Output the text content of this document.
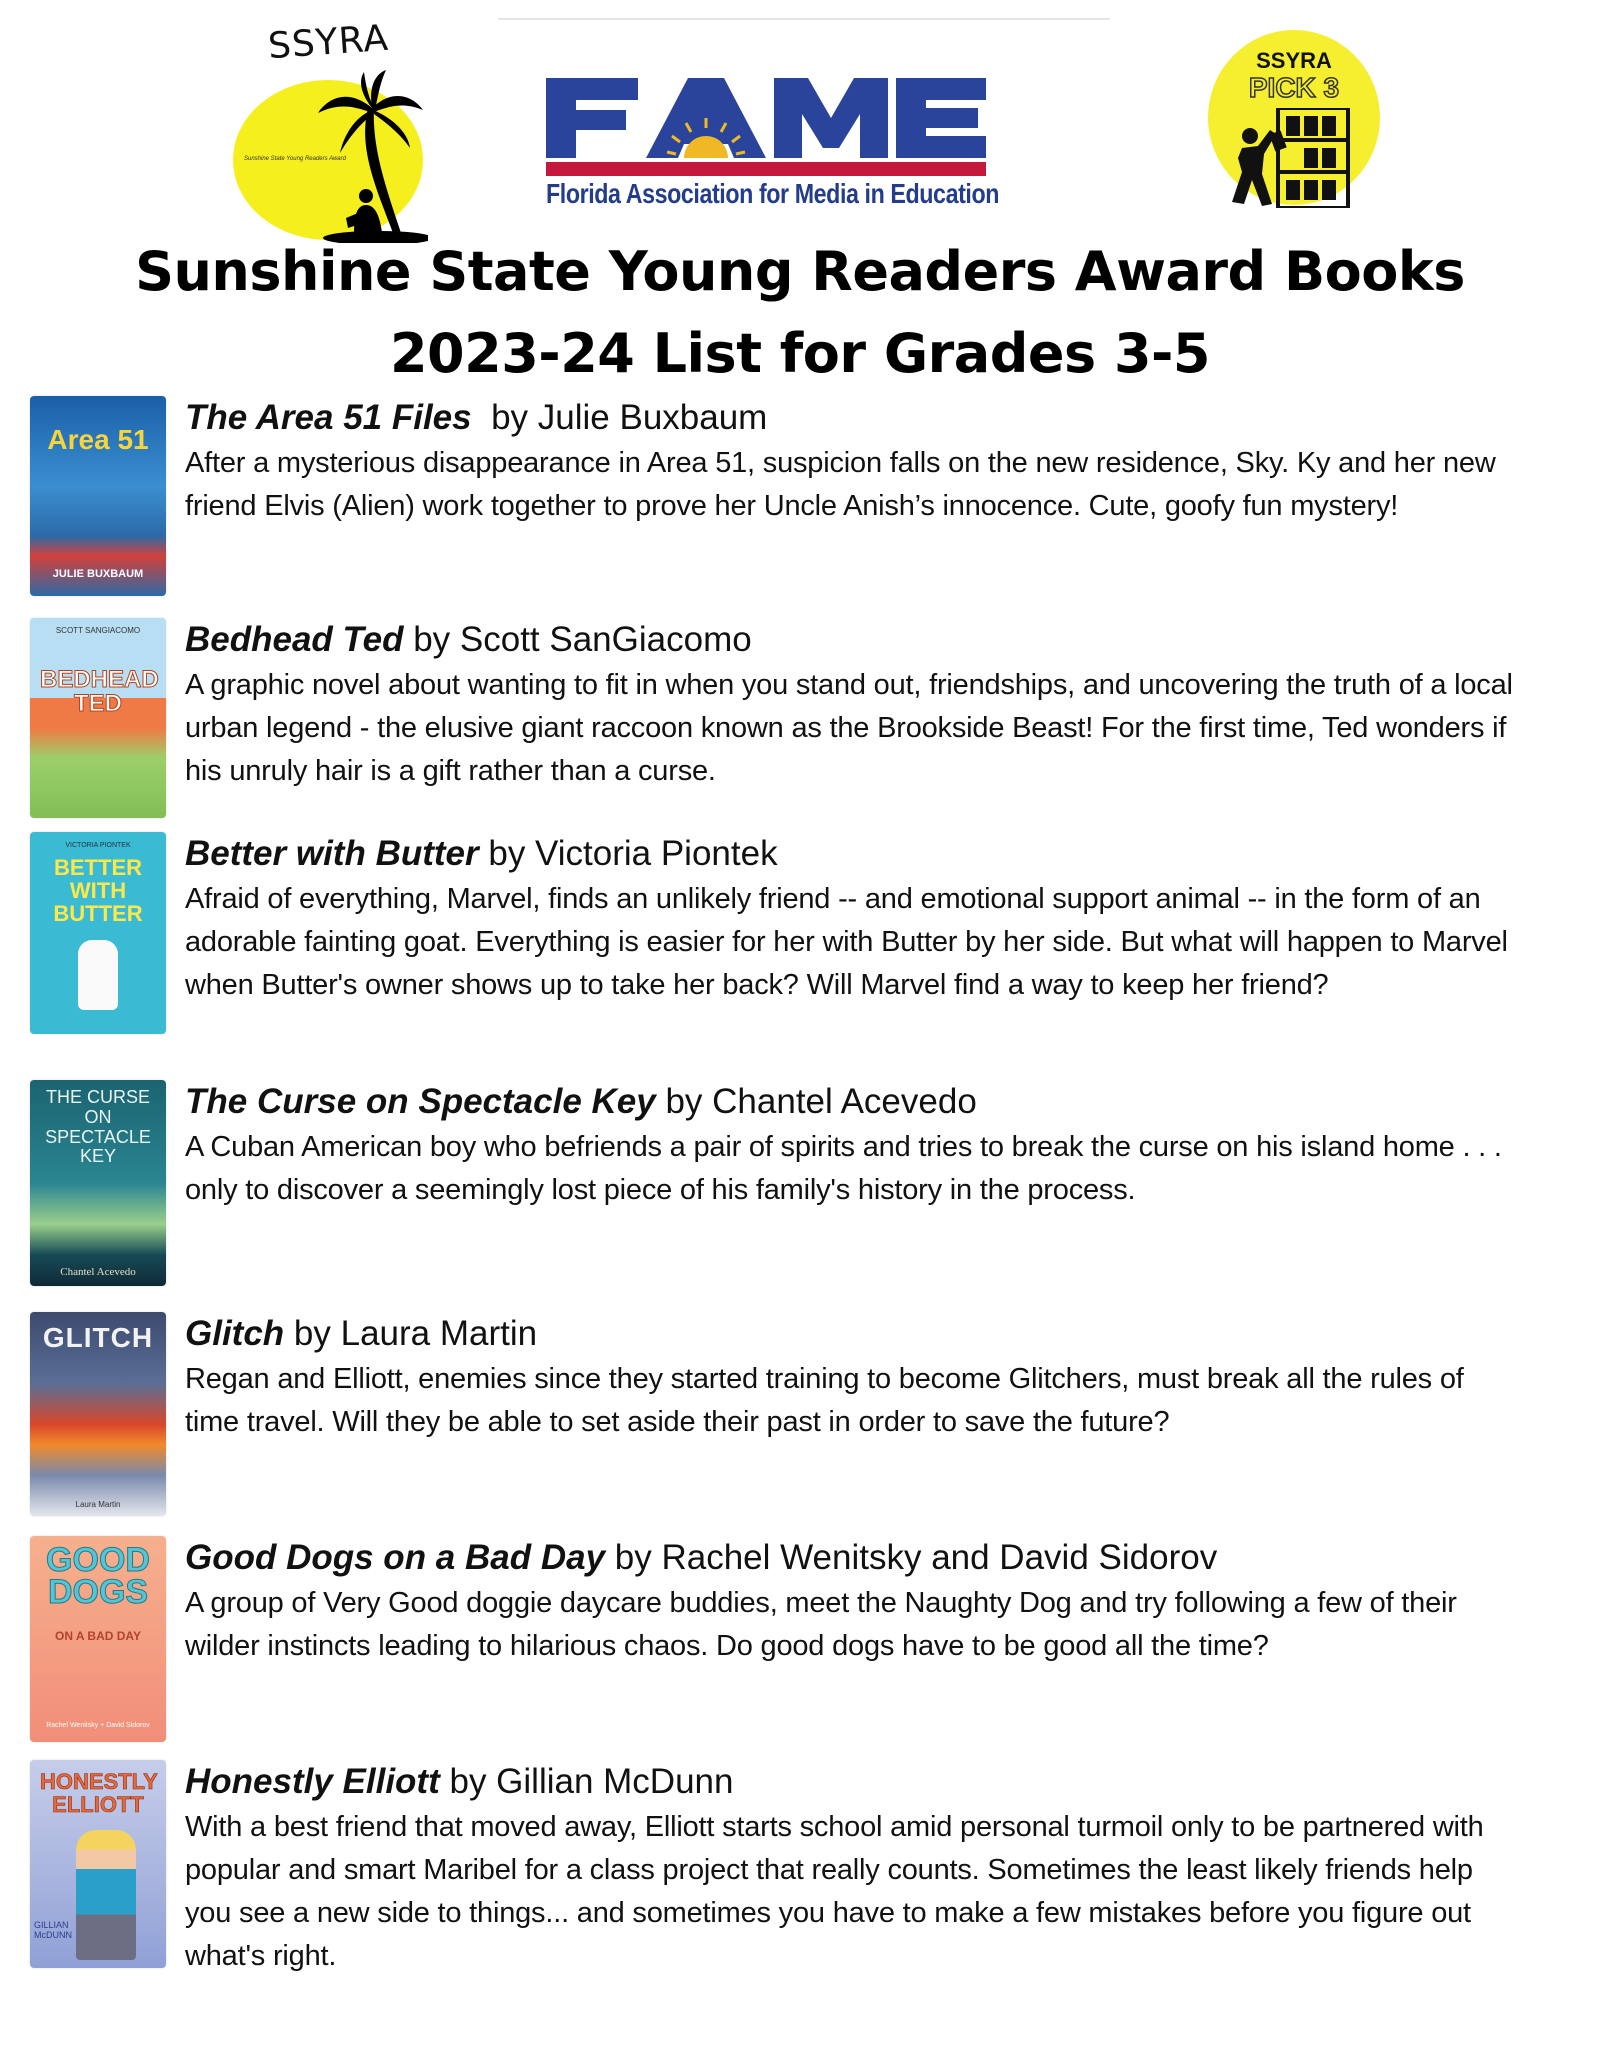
SSYRA
Sunshine State Young Readers Award
Florida Association for Media in Education
SSYRA
PICK 3
Sunshine State Young Readers Award Books
2023-24 List for Grades 3-5
Area 51
JULIE BUXBAUM
The Area 51 Files  by Julie Buxbaum
After a mysterious disappearance in Area 51, suspicion falls on the new residence, Sky. Ky and her new friend Elvis (Alien) work together to prove her Uncle Anish’s innocence. Cute, goofy fun mystery!
SCOTT SANGIACOMO
BEDHEAD TED
Bedhead Ted by Scott SanGiacomo
A graphic novel about wanting to fit in when you stand out, friendships, and uncovering the truth of a local urban legend - the elusive giant raccoon known as the Brookside Beast! For the first time, Ted wonders if his unruly hair is a gift rather than a curse.
VICTORIA PIONTEK
BETTER WITH BUTTER
Better with Butter by Victoria Piontek
Afraid of everything, Marvel, finds an unlikely friend -- and emotional support animal -- in the form of an adorable fainting goat. Everything is easier for her with Butter by her side. But what will happen to Marvel when Butter's owner shows up to take her back? Will Marvel find a way to keep her friend?
THE CURSE ON SPECTACLE KEY
Chantel Acevedo
The Curse on Spectacle Key by Chantel Acevedo
A Cuban American boy who befriends a pair of spirits and tries to break the curse on his island home . . . only to discover a seemingly lost piece of his family's history in the process.
GLITCH
Laura Martin
Glitch by Laura Martin
Regan and Elliott, enemies since they started training to become Glitchers, must break all the rules of time travel. Will they be able to set aside their past in order to save the future?
GOOD DOGS
ON A BAD DAY
Rachel Wenitsky + David Sidorov
Good Dogs on a Bad Day by Rachel Wenitsky and David Sidorov
A group of Very Good doggie daycare buddies, meet the Naughty Dog and try following a few of their wilder instincts leading to hilarious chaos. Do good dogs have to be good all the time?
HONESTLY ELLIOTT
GILLIAN McDUNN
Honestly Elliott by Gillian McDunn
With a best friend that moved away, Elliott starts school amid personal turmoil only to be partnered with popular and smart Maribel for a class project that really counts. Sometimes the least likely friends help you see a new side to things... and sometimes you have to make a few mistakes before you figure out what's right.
